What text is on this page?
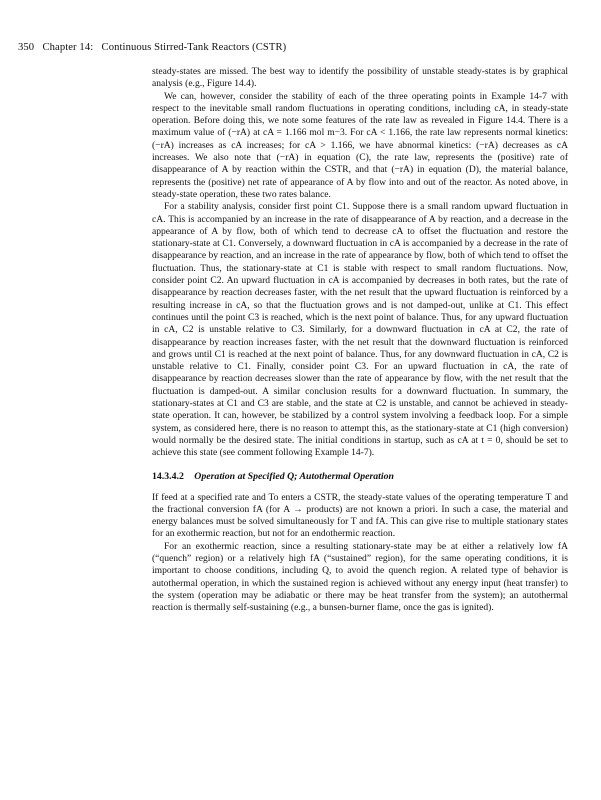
350 Chapter 14: Continuous Stirred-Tank Reactors (CSTR)

steady-states are missed. The best way to identify the possibility of unstable steady-states is by graphical analysis (e.g., Figure 14.4).

We can, however, consider the stability of each of the three operating points in Example 14-7 with respect to the inevitable small random fluctuations in operating conditions, including cA, in steady-state operation. Before doing this, we note some features of the rate law as revealed in Figure 14.4. There is a maximum value of (−rA) at cA = 1.166 mol m−3. For cA < 1.166, the rate law represents normal kinetics: (−rA) increases as cA increases; for cA > 1.166, we have abnormal kinetics: (−rA) decreases as cA increases. We also note that (−rA) in equation (C), the rate law, represents the (positive) rate of disappearance of A by reaction within the CSTR, and that (−rA) in equation (D), the material balance, represents the (positive) net rate of appearance of A by flow into and out of the reactor. As noted above, in steady-state operation, these two rates balance.

For a stability analysis, consider first point C1. Suppose there is a small random upward fluctuation in cA. This is accompanied by an increase in the rate of disappearance of A by reaction, and a decrease in the appearance of A by flow, both of which tend to decrease cA to offset the fluctuation and restore the stationary-state at C1. Conversely, a downward fluctuation in cA is accompanied by a decrease in the rate of disappearance by reaction, and an increase in the rate of appearance by flow, both of which tend to offset the fluctuation. Thus, the stationary-state at C1 is stable with respect to small random fluctuations. Now, consider point C2. An upward fluctuation in cA is accompanied by decreases in both rates, but the rate of disappearance by reaction decreases faster, with the net result that the upward fluctuation is reinforced by a resulting increase in cA, so that the fluctuation grows and is not damped-out, unlike at C1. This effect continues until the point C3 is reached, which is the next point of balance. Thus, for any upward fluctuation in cA, C2 is unstable relative to C3. Similarly, for a downward fluctuation in cA at C2, the rate of disappearance by reaction increases faster, with the net result that the downward fluctuation is reinforced and grows until C1 is reached at the next point of balance. Thus, for any downward fluctuation in cA, C2 is unstable relative to C1. Finally, consider point C3. For an upward fluctuation in cA, the rate of disappearance by reaction decreases slower than the rate of appearance by flow, with the net result that the fluctuation is damped-out. A similar conclusion results for a downward fluctuation. In summary, the stationary-states at C1 and C3 are stable, and the state at C2 is unstable, and cannot be achieved in steady-state operation. It can, however, be stabilized by a control system involving a feedback loop. For a simple system, as considered here, there is no reason to attempt this, as the stationary-state at C1 (high conversion) would normally be the desired state. The initial conditions in startup, such as cA at t = 0, should be set to achieve this state (see comment following Example 14-7).

14.3.4.2 Operation at Specified Q; Autothermal Operation

If feed at a specified rate and To enters a CSTR, the steady-state values of the operating temperature T and the fractional conversion fA (for A → products) are not known a priori. In such a case, the material and energy balances must be solved simultaneously for T and fA. This can give rise to multiple stationary states for an exothermic reaction, but not for an endothermic reaction.

For an exothermic reaction, since a resulting stationary-state may be at either a relatively low fA (“quench” region) or a relatively high fA (“sustained” region), for the same operating conditions, it is important to choose conditions, including Q, to avoid the quench region. A related type of behavior is autothermal operation, in which the sustained region is achieved without any energy input (heat transfer) to the system (operation may be adiabatic or there may be heat transfer from the system); an autothermal reaction is thermally self-sustaining (e.g., a bunsen-burner flame, once the gas is ignited).
